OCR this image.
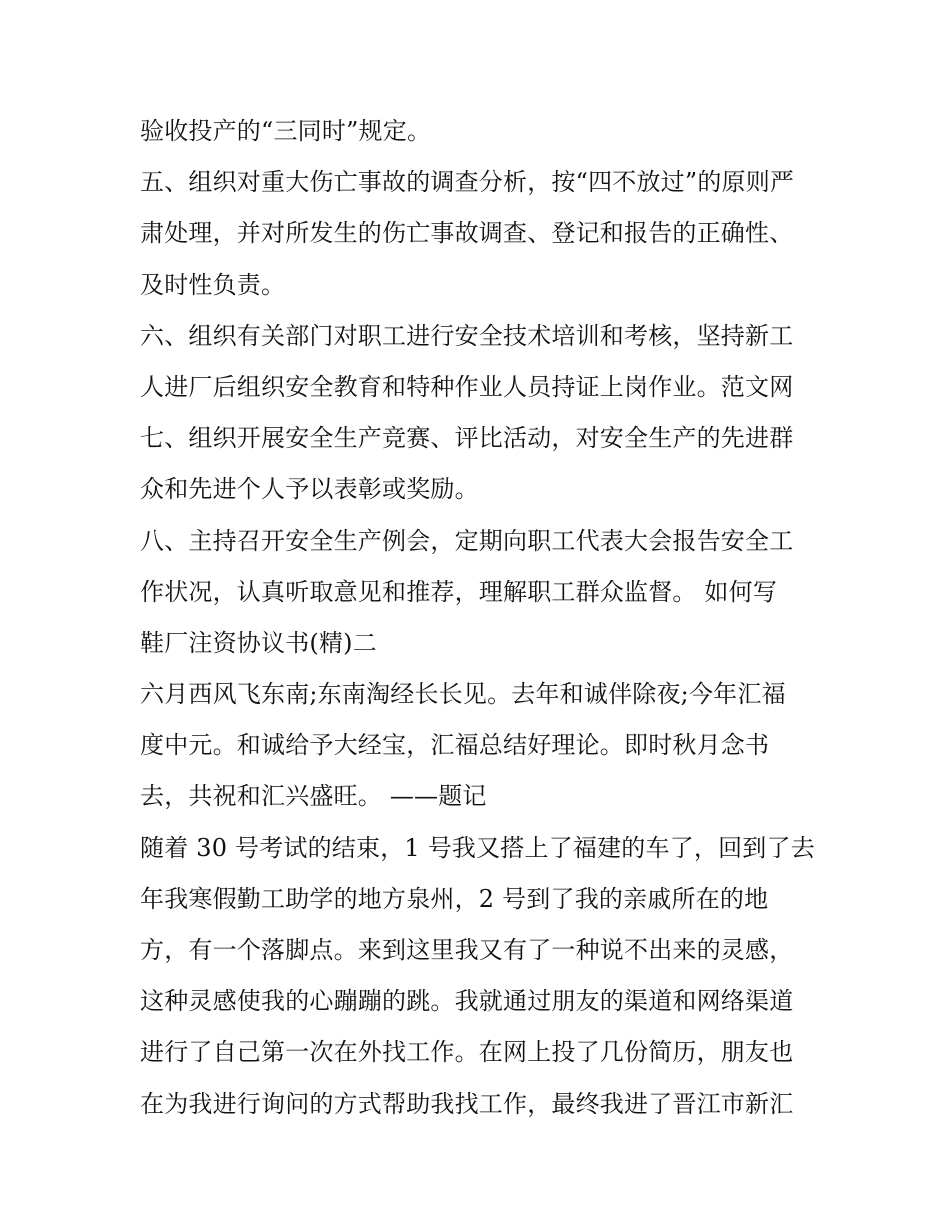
验收投产的“三同时”规定。
五、组织对重大伤亡事故的调查分析，按“四不放过”的原则严
肃处理，并对所发生的伤亡事故调查、登记和报告的正确性、
及时性负责。
六、组织有关部门对职工进行安全技术培训和考核，坚持新工
人进厂后组织安全教育和特种作业人员持证上岗作业。范文网
七、组织开展安全生产竞赛、评比活动，对安全生产的先进群
众和先进个人予以表彰或奖励。
八、主持召开安全生产例会，定期向职工代表大会报告安全工
作状况，认真听取意见和推荐，理解职工群众监督。 如何写
鞋厂注资协议书(精)二
六月西风飞东南;东南淘经长长见。去年和诚伴除夜;今年汇福
度中元。和诚给予大经宝，汇福总结好理论。即时秋月念书
去，共祝和汇兴盛旺。 ——题记
随着 30 号考试的结束，1 号我又搭上了福建的车了，回到了去
年我寒假勤工助学的地方泉州，2 号到了我的亲戚所在的地
方，有一个落脚点。来到这里我又有了一种说不出来的灵感，
这种灵感使我的心蹦蹦的跳。我就通过朋友的渠道和网络渠道
进行了自己第一次在外找工作。在网上投了几份简历，朋友也
在为我进行询问的方式帮助我找工作，最终我进了晋江市新汇
